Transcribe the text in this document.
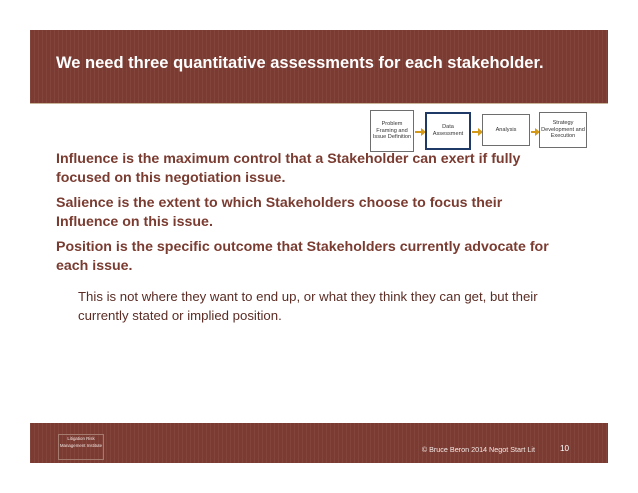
We need three quantitative assessments for each stakeholder.
Problem Framing and Issue Definition
Data Assessment
Analysis
Strategy Development and Execution
Influence is the maximum control that a Stakeholder can exert if fully focused on this negotiation issue.
Salience is the extent to which Stakeholders choose to focus their Influence on this issue.
Position is the specific outcome that Stakeholders currently advocate for each issue.
This is not where they want to end up, or what they think they can get, but their currently stated or implied position.
Litigation Risk Management Institute	© Bruce Beron 2014 Negot Start Lit	10
